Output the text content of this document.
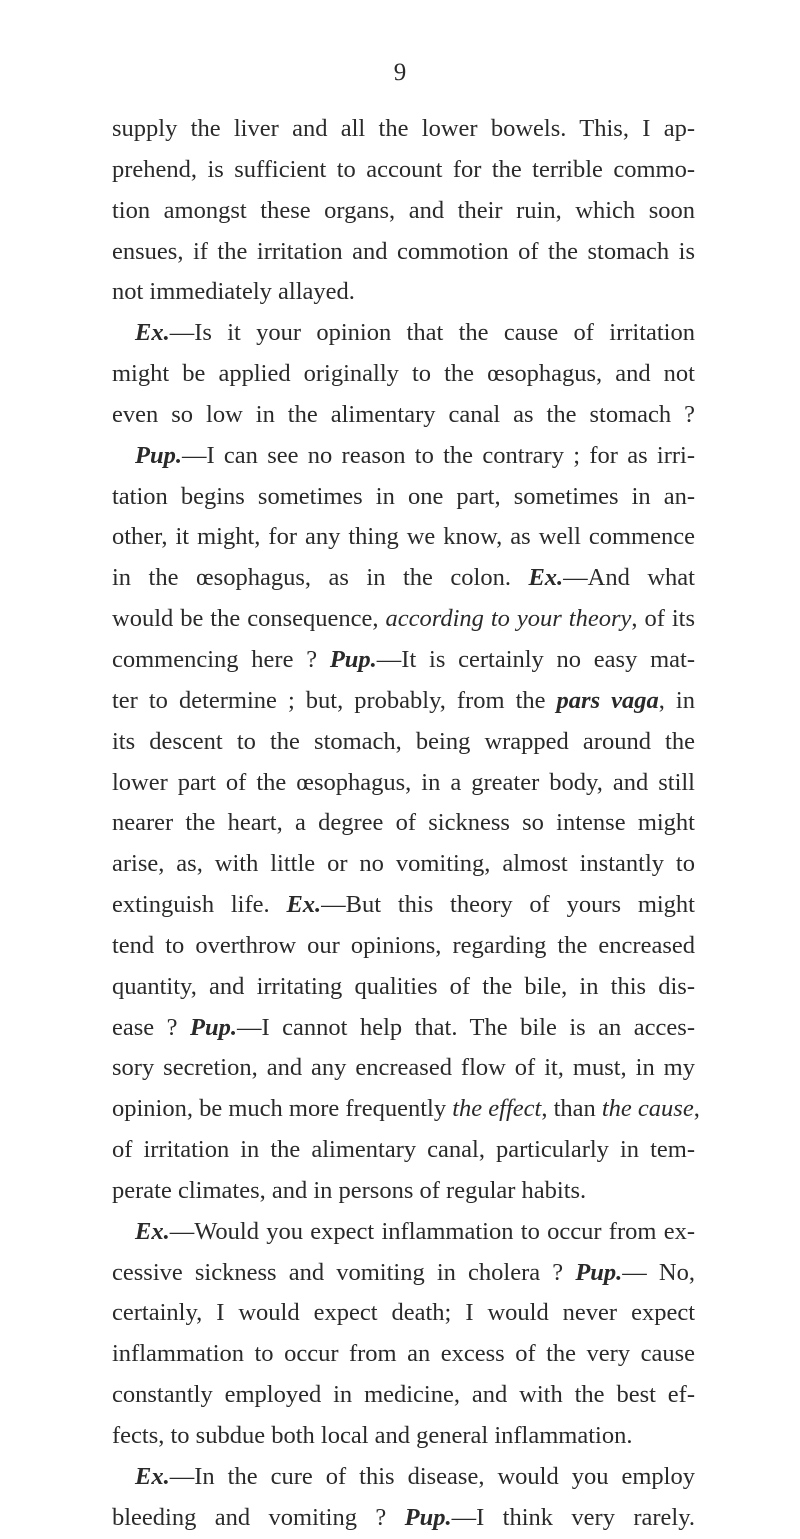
9
supply the liver and all the lower bowels. This, I ap-
prehend, is sufficient to account for the terrible commo-
tion amongst these organs, and their ruin, which soon
ensues, if the irritation and commotion of the stomach is
not immediately allayed.
Ex.—Is it your opinion that the cause of irritation
might be applied originally to the œsophagus, and not
even so low in the alimentary canal as the stomach ?
Pup.—I can see no reason to the contrary ; for as irri-
tation begins sometimes in one part, sometimes in an-
other, it might, for any thing we know, as well commence
in the œsophagus, as in the colon. Ex.—And what
would be the consequence, according to your theory, of its
commencing here ? Pup.—It is certainly no easy mat-
ter to determine ; but, probably, from the pars vaga, in
its descent to the stomach, being wrapped around the
lower part of the œsophagus, in a greater body, and still
nearer the heart, a degree of sickness so intense might
arise, as, with little or no vomiting, almost instantly to
extinguish life. Ex.—But this theory of yours might
tend to overthrow our opinions, regarding the encreased
quantity, and irritating qualities of the bile, in this dis-
ease ? Pup.—I cannot help that. The bile is an acces-
sory secretion, and any encreased flow of it, must, in my
opinion, be much more frequently the effect, than the cause,
of irritation in the alimentary canal, particularly in tem-
perate climates, and in persons of regular habits.
Ex.—Would you expect inflammation to occur from ex-
cessive sickness and vomiting in cholera ? Pup.— No,
certainly, I would expect death; I would never expect
inflammation to occur from an excess of the very cause
constantly employed in medicine, and with the best ef-
fects, to subdue both local and general inflammation.
Ex.—In the cure of this disease, would you employ
bleeding and vomiting ? Pup.—I think very rarely.
